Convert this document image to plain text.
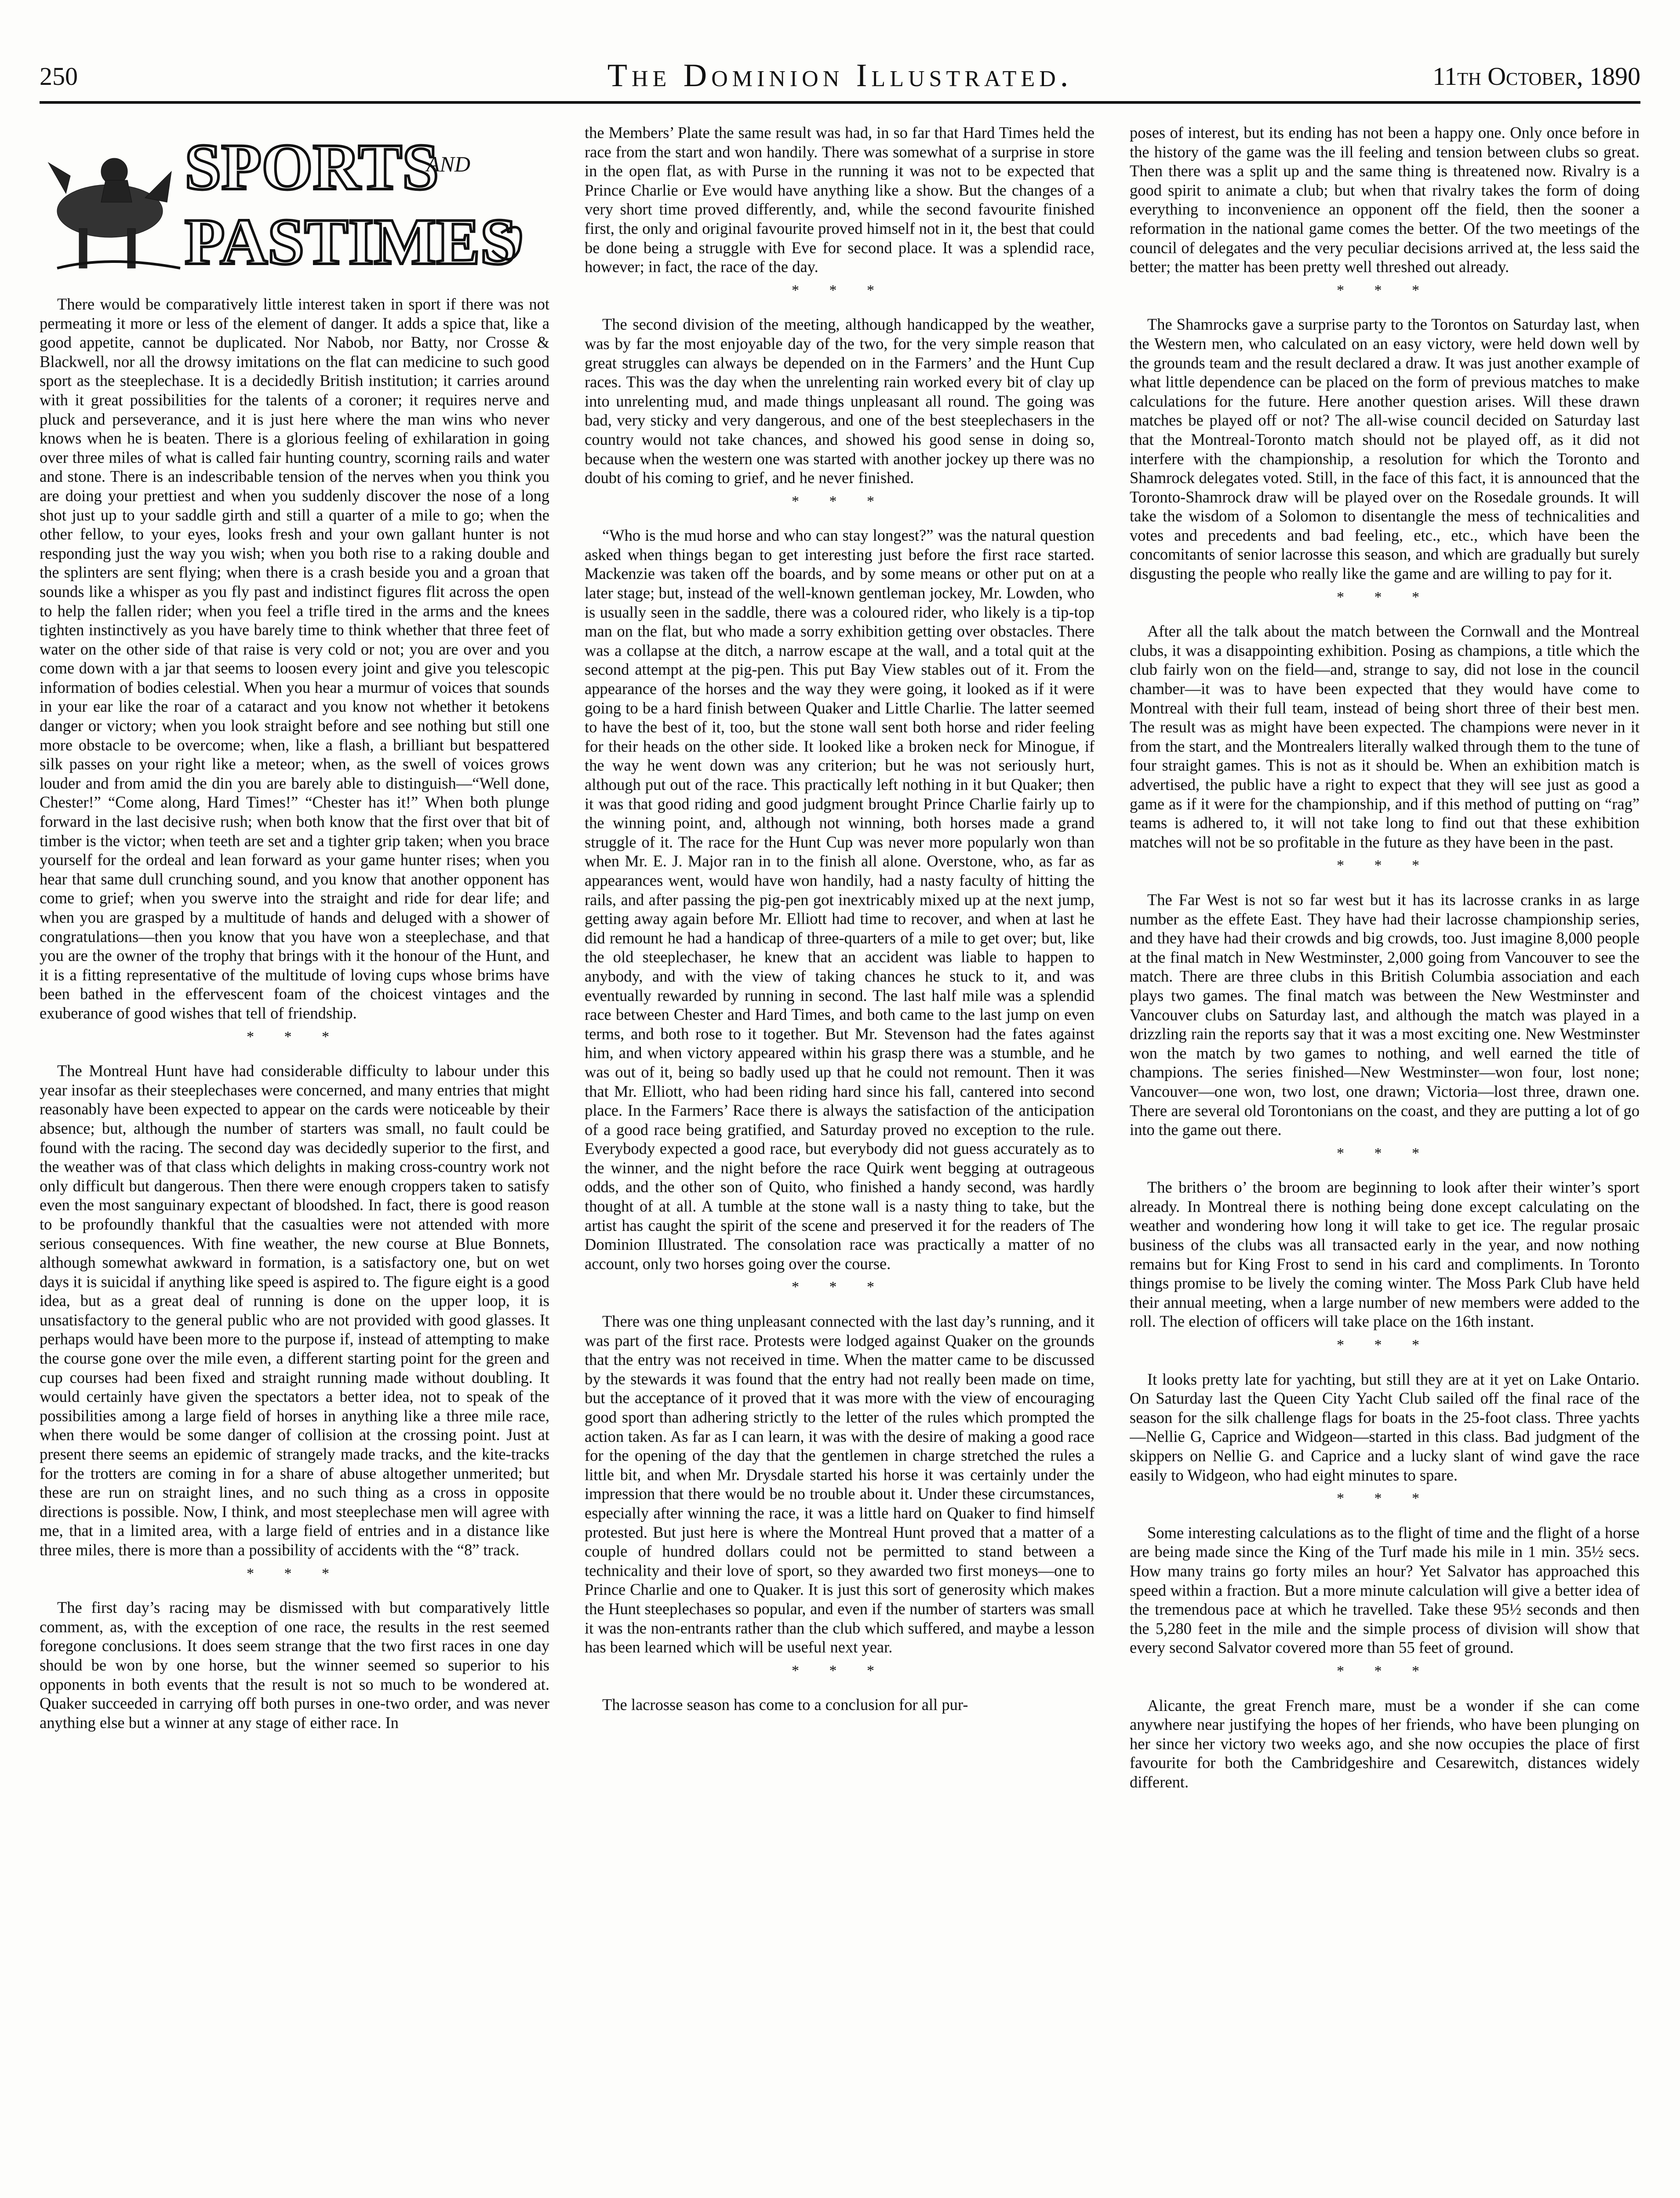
250	The Dominion Illustrated.	11th October, 1890
SPORTS
AND
PASTIMES

There would be comparatively little interest taken in sport if there was not permeating it more or less of the element of danger. It adds a spice that, like a good appetite, cannot be duplicated. Nor Nabob, nor Batty, nor Crosse & Blackwell, nor all the drowsy imitations on the flat can medicine to such good sport as the steeplechase. It is a decidedly British institution; it carries around with it great possibilities for the talents of a coroner; it requires nerve and pluck and perseverance, and it is just here where the man wins who never knows when he is beaten. There is a glorious feeling of exhilaration in going over three miles of what is called fair hunting country, scorning rails and water and stone. There is an indescribable tension of the nerves when you think you are doing your prettiest and when you suddenly discover the nose of a long shot just up to your saddle girth and still a quarter of a mile to go; when the other fellow, to your eyes, looks fresh and your own gallant hunter is not responding just the way you wish; when you both rise to a raking double and the splinters are sent flying; when there is a crash beside you and a groan that sounds like a whisper as you fly past and indistinct figures flit across the open to help the fallen rider; when you feel a trifle tired in the arms and the knees tighten instinctively as you have barely time to think whether that three feet of water on the other side of that raise is very cold or not; you are over and you come down with a jar that seems to loosen every joint and give you telescopic information of bodies celestial. When you hear a murmur of voices that sounds in your ear like the roar of a cataract and you know not whether it betokens danger or victory; when you look straight before and see nothing but still one more obstacle to be overcome; when, like a flash, a brilliant but bespattered silk passes on your right like a meteor; when, as the swell of voices grows louder and from amid the din you are barely able to distinguish—“Well done, Chester!” “Come along, Hard Times!” “Chester has it!” When both plunge forward in the last decisive rush; when both know that the first over that bit of timber is the victor; when teeth are set and a tighter grip taken; when you brace yourself for the ordeal and lean forward as your game hunter rises; when you hear that same dull crunching sound, and you know that another opponent has come to grief; when you swerve into the straight and ride for dear life; and when you are grasped by a multitude of hands and deluged with a shower of congratulations—then you know that you have won a steeplechase, and that you are the owner of the trophy that brings with it the honour of the Hunt, and it is a fitting representative of the multitude of loving cups whose brims have been bathed in the effervescent foam of the choicest vintages and the exuberance of good wishes that tell of friendship.

* * *

The Montreal Hunt have had considerable difficulty to labour under this year insofar as their steeplechases were concerned, and many entries that might reasonably have been expected to appear on the cards were noticeable by their absence; but, although the number of starters was small, no fault could be found with the racing. The second day was decidedly superior to the first, and the weather was of that class which delights in making cross-country work not only difficult but dangerous. Then there were enough croppers taken to satisfy even the most sanguinary expectant of bloodshed. In fact, there is good reason to be profoundly thankful that the casualties were not attended with more serious consequences. With fine weather, the new course at Blue Bonnets, although somewhat awkward in formation, is a satisfactory one, but on wet days it is suicidal if anything like speed is aspired to. The figure eight is a good idea, but as a great deal of running is done on the upper loop, it is unsatisfactory to the general public who are not provided with good glasses. It perhaps would have been more to the purpose if, instead of attempting to make the course gone over the mile even, a different starting point for the green and cup courses had been fixed and straight running made without doubling. It would certainly have given the spectators a better idea, not to speak of the possibilities among a large field of horses in anything like a three mile race, when there would be some danger of collision at the crossing point. Just at present there seems an epidemic of strangely made tracks, and the kite-tracks for the trotters are coming in for a share of abuse altogether unmerited; but these are run on straight lines, and no such thing as a cross in opposite directions is possible. Now, I think, and most steeplechase men will agree with me, that in a limited area, with a large field of entries and in a distance like three miles, there is more than a possibility of accidents with the “8” track.

* * *

The first day’s racing may be dismissed with but comparatively little comment, as, with the exception of one race, the results in the rest seemed foregone conclusions. It does seem strange that the two first races in one day should be won by one horse, but the winner seemed so superior to his opponents in both events that the result is not so much to be wondered at. Quaker succeeded in carrying off both purses in one-two order, and was never anything else but a winner at any stage of either race. In

the Members’ Plate the same result was had, in so far that Hard Times held the race from the start and won handily. There was somewhat of a surprise in store in the open flat, as with Purse in the running it was not to be expected that Prince Charlie or Eve would have anything like a show. But the changes of a very short time proved differently, and, while the second favourite finished first, the only and original favourite proved himself not in it, the best that could be done being a struggle with Eve for second place. It was a splendid race, however; in fact, the race of the day.

* * *

The second division of the meeting, although handicapped by the weather, was by far the most enjoyable day of the two, for the very simple reason that great struggles can always be depended on in the Farmers’ and the Hunt Cup races. This was the day when the unrelenting rain worked every bit of clay up into unrelenting mud, and made things unpleasant all round. The going was bad, very sticky and very dangerous, and one of the best steeplechasers in the country would not take chances, and showed his good sense in doing so, because when the western one was started with another jockey up there was no doubt of his coming to grief, and he never finished.

* * *

“Who is the mud horse and who can stay longest?” was the natural question asked when things began to get interesting just before the first race started. Mackenzie was taken off the boards, and by some means or other put on at a later stage; but, instead of the well-known gentleman jockey, Mr. Lowden, who is usually seen in the saddle, there was a coloured rider, who likely is a tip-top man on the flat, but who made a sorry exhibition getting over obstacles. There was a collapse at the ditch, a narrow escape at the wall, and a total quit at the second attempt at the pig-pen. This put Bay View stables out of it. From the appearance of the horses and the way they were going, it looked as if it were going to be a hard finish between Quaker and Little Charlie. The latter seemed to have the best of it, too, but the stone wall sent both horse and rider feeling for their heads on the other side. It looked like a broken neck for Minogue, if the way he went down was any criterion; but he was not seriously hurt, although put out of the race. This practically left nothing in it but Quaker; then it was that good riding and good judgment brought Prince Charlie fairly up to the winning point, and, although not winning, both horses made a grand struggle of it. The race for the Hunt Cup was never more popularly won than when Mr. E. J. Major ran in to the finish all alone. Overstone, who, as far as appearances went, would have won handily, had a nasty faculty of hitting the rails, and after passing the pig-pen got inextricably mixed up at the next jump, getting away again before Mr. Elliott had time to recover, and when at last he did remount he had a handicap of three-quarters of a mile to get over; but, like the old steeplechaser, he knew that an accident was liable to happen to anybody, and with the view of taking chances he stuck to it, and was eventually rewarded by running in second. The last half mile was a splendid race between Chester and Hard Times, and both came to the last jump on even terms, and both rose to it together. But Mr. Stevenson had the fates against him, and when victory appeared within his grasp there was a stumble, and he was out of it, being so badly used up that he could not remount. Then it was that Mr. Elliott, who had been riding hard since his fall, cantered into second place. In the Farmers’ Race there is always the satisfaction of the anticipation of a good race being gratified, and Saturday proved no exception to the rule. Everybody expected a good race, but everybody did not guess accurately as to the winner, and the night before the race Quirk went begging at outrageous odds, and the other son of Quito, who finished a handy second, was hardly thought of at all. A tumble at the stone wall is a nasty thing to take, but the artist has caught the spirit of the scene and preserved it for the readers of The Dominion Illustrated. The consolation race was practically a matter of no account, only two horses going over the course.

* * *

There was one thing unpleasant connected with the last day’s running, and it was part of the first race. Protests were lodged against Quaker on the grounds that the entry was not received in time. When the matter came to be discussed by the stewards it was found that the entry had not really been made on time, but the acceptance of it proved that it was more with the view of encouraging good sport than adhering strictly to the letter of the rules which prompted the action taken. As far as I can learn, it was with the desire of making a good race for the opening of the day that the gentlemen in charge stretched the rules a little bit, and when Mr. Drysdale started his horse it was certainly under the impression that there would be no trouble about it. Under these circumstances, especially after winning the race, it was a little hard on Quaker to find himself protested. But just here is where the Montreal Hunt proved that a matter of a couple of hundred dollars could not be permitted to stand between a technicality and their love of sport, so they awarded two first moneys—one to Prince Charlie and one to Quaker. It is just this sort of generosity which makes the Hunt steeplechases so popular, and even if the number of starters was small it was the non-entrants rather than the club which suffered, and maybe a lesson has been learned which will be useful next year.

* * *

The lacrosse season has come to a conclusion for all pur-

poses of interest, but its ending has not been a happy one. Only once before in the history of the game was the ill feeling and tension between clubs so great. Then there was a split up and the same thing is threatened now. Rivalry is a good spirit to animate a club; but when that rivalry takes the form of doing everything to inconvenience an opponent off the field, then the sooner a reformation in the national game comes the better. Of the two meetings of the council of delegates and the very peculiar decisions arrived at, the less said the better; the matter has been pretty well threshed out already.

* * *

The Shamrocks gave a surprise party to the Torontos on Saturday last, when the Western men, who calculated on an easy victory, were held down well by the grounds team and the result declared a draw. It was just another example of what little dependence can be placed on the form of previous matches to make calculations for the future. Here another question arises. Will these drawn matches be played off or not? The all-wise council decided on Saturday last that the Montreal-Toronto match should not be played off, as it did not interfere with the championship, a resolution for which the Toronto and Shamrock delegates voted. Still, in the face of this fact, it is announced that the Toronto-Shamrock draw will be played over on the Rosedale grounds. It will take the wisdom of a Solomon to disentangle the mess of technicalities and votes and precedents and bad feeling, etc., etc., which have been the concomitants of senior lacrosse this season, and which are gradually but surely disgusting the people who really like the game and are willing to pay for it.

* * *

After all the talk about the match between the Cornwall and the Montreal clubs, it was a disappointing exhibition. Posing as champions, a title which the club fairly won on the field—and, strange to say, did not lose in the council chamber—it was to have been expected that they would have come to Montreal with their full team, instead of being short three of their best men. The result was as might have been expected. The champions were never in it from the start, and the Montrealers literally walked through them to the tune of four straight games. This is not as it should be. When an exhibition match is advertised, the public have a right to expect that they will see just as good a game as if it were for the championship, and if this method of putting on “rag” teams is adhered to, it will not take long to find out that these exhibition matches will not be so profitable in the future as they have been in the past.

* * *

The Far West is not so far west but it has its lacrosse cranks in as large number as the effete East. They have had their lacrosse championship series, and they have had their crowds and big crowds, too. Just imagine 8,000 people at the final match in New Westminster, 2,000 going from Vancouver to see the match. There are three clubs in this British Columbia association and each plays two games. The final match was between the New Westminster and Vancouver clubs on Saturday last, and although the match was played in a drizzling rain the reports say that it was a most exciting one. New Westminster won the match by two games to nothing, and well earned the title of champions. The series finished—New Westminster—won four, lost none; Vancouver—one won, two lost, one drawn; Victoria—lost three, drawn one. There are several old Torontonians on the coast, and they are putting a lot of go into the game out there.

* * *

The brithers o’ the broom are beginning to look after their winter’s sport already. In Montreal there is nothing being done except calculating on the weather and wondering how long it will take to get ice. The regular prosaic business of the clubs was all transacted early in the year, and now nothing remains but for King Frost to send in his card and compliments. In Toronto things promise to be lively the coming winter. The Moss Park Club have held their annual meeting, when a large number of new members were added to the roll. The election of officers will take place on the 16th instant.

* * *

It looks pretty late for yachting, but still they are at it yet on Lake Ontario. On Saturday last the Queen City Yacht Club sailed off the final race of the season for the silk challenge flags for boats in the 25-foot class. Three yachts—Nellie G, Caprice and Widgeon—started in this class. Bad judgment of the skippers on Nellie G. and Caprice and a lucky slant of wind gave the race easily to Widgeon, who had eight minutes to spare.

* * *

Some interesting calculations as to the flight of time and the flight of a horse are being made since the King of the Turf made his mile in 1 min. 35½ secs. How many trains go forty miles an hour? Yet Salvator has approached this speed within a fraction. But a more minute calculation will give a better idea of the tremendous pace at which he travelled. Take these 95½ seconds and then the 5,280 feet in the mile and the simple process of division will show that every second Salvator covered more than 55 feet of ground.

* * *

Alicante, the great French mare, must be a wonder if she can come anywhere near justifying the hopes of her friends, who have been plunging on her since her victory two weeks ago, and she now occupies the place of first favourite for both the Cambridgeshire and Cesarewitch, distances widely different.
